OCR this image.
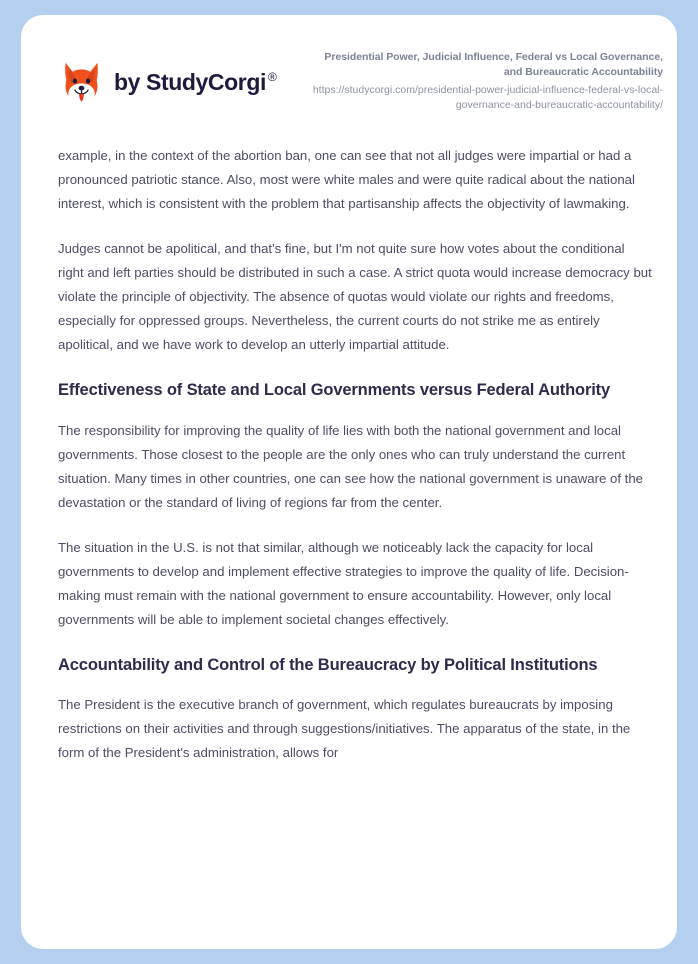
by StudyCorgi ®
Presidential Power, Judicial Influence, Federal vs Local Governance, and Bureaucratic Accountability
https://studycorgi.com/presidential-power-judicial-influence-federal-vs-local-governance-and-bureaucratic-accountability/

example, in the context of the abortion ban, one can see that not all judges were impartial or had a pronounced patriotic stance. Also, most were white males and were quite radical about the national interest, which is consistent with the problem that partisanship affects the objectivity of lawmaking.

Judges cannot be apolitical, and that's fine, but I'm not quite sure how votes about the conditional right and left parties should be distributed in such a case. A strict quota would increase democracy but violate the principle of objectivity. The absence of quotas would violate our rights and freedoms, especially for oppressed groups. Nevertheless, the current courts do not strike me as entirely apolitical, and we have work to develop an utterly impartial attitude.

Effectiveness of State and Local Governments versus Federal Authority

The responsibility for improving the quality of life lies with both the national government and local governments. Those closest to the people are the only ones who can truly understand the current situation. Many times in other countries, one can see how the national government is unaware of the devastation or the standard of living of regions far from the center.

The situation in the U.S. is not that similar, although we noticeably lack the capacity for local governments to develop and implement effective strategies to improve the quality of life. Decision-making must remain with the national government to ensure accountability. However, only local governments will be able to implement societal changes effectively.

Accountability and Control of the Bureaucracy by Political Institutions

The President is the executive branch of government, which regulates bureaucrats by imposing restrictions on their activities and through suggestions/initiatives. The apparatus of the state, in the form of the President's administration, allows for
